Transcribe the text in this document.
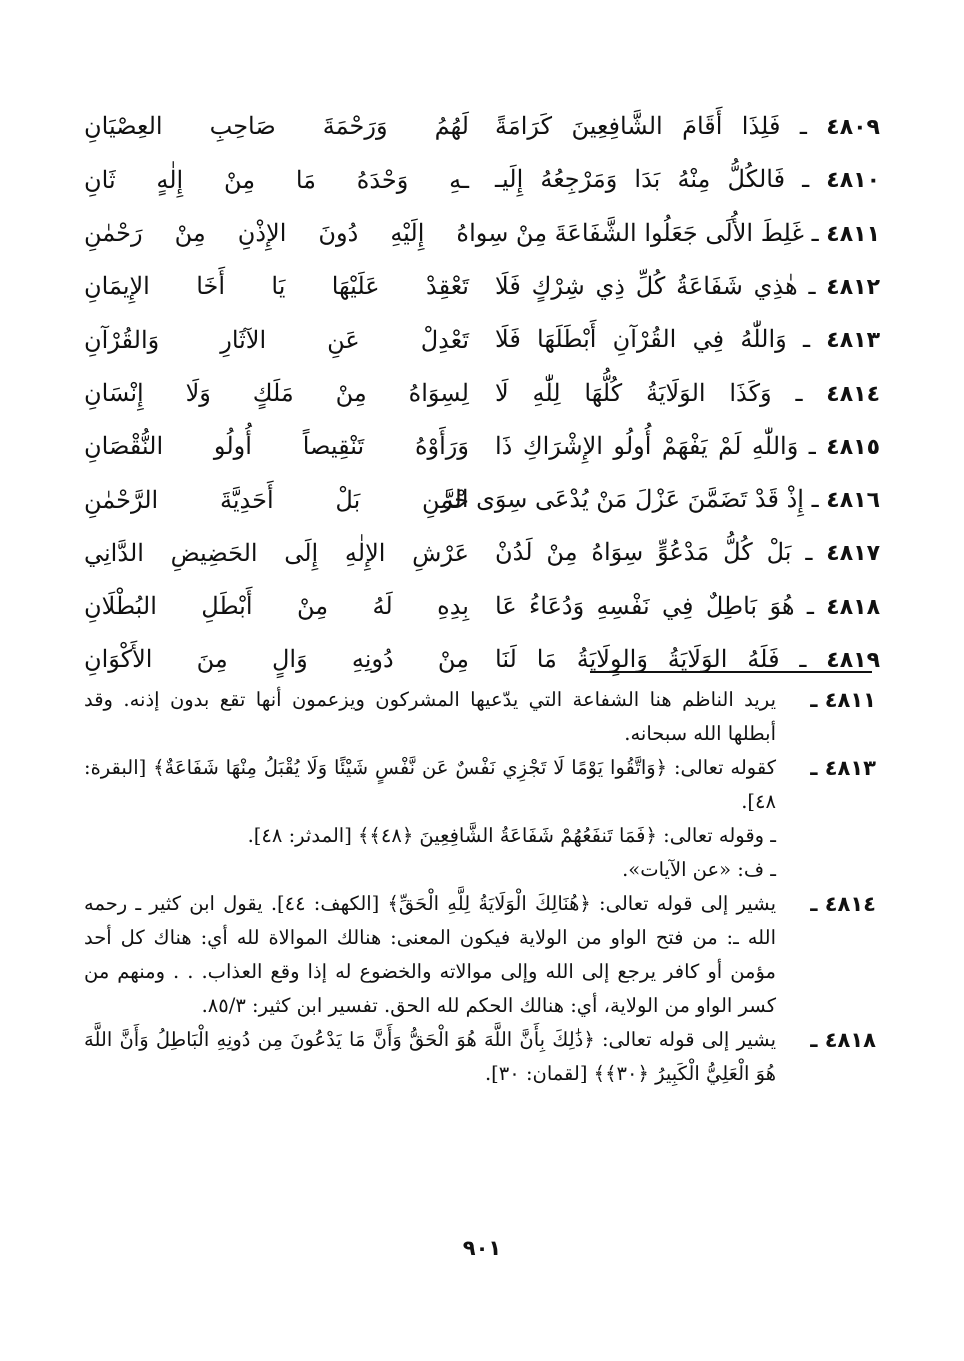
٤٨٠٩ ـ فَلِذَا أَقَامَ الشَّافِعِينَ كَرَامَةً
لَهُمُ وَرَحْمَةَ صَاحِبِ العِصْيَانِ
٤٨١٠ ـ فَالكُلُّ مِنْهُ بَدَا وَمَرْجِعُهُ إِلَيـ
ـهِ وَحْدَهُ مَا مِنْ إِلٰهٍ ثَانِ
٤٨١١ ـ غَلِطَ الأُلَى جَعَلُوا الشَّفَاعَةَ مِنْ سِوا
هُ إِلَيْهِ دُونَ الإِذْنِ مِنْ رَحْمٰنِ
٤٨١٢ ـ هٰذِي شَفَاعَةُ كُلِّ ذِي شِرْكٍ فَلَا
تَعْقِدْ عَلَيْهَا يَا أَخَا الإِيمَانِ
٤٨١٣ ـ وَاللّٰهُ فِي القُرْآنِ أَبْطَلَهَا فَلَا
تَعْدِلْ عَنِ الآثَارِ وَالقُرْآنِ
٤٨١٤ ـ وَكَذَا الوَلَايَةُ كُلُّهَا لِلّٰهِ لَا
لِسِوَاهُ مِنْ مَلَكٍ وَلَا إِنْسَانِ
٤٨١٥ ـ وَاللّٰهِ لَمْ يَفْهَمْ أُولُو الإِشْرَاكِ ذَا
وَرَأَوْهُ تَنْقِيصاً أُولُو النُّقْصَانِ
٤٨١٦ ـ إِذْ قَدْ تَضَمَّنَ عَزْلَ مَنْ يُدْعَى سِوَى الرَّ
حْمٰنِ بَلْ أَحَدِيَّةَ الرَّحْمٰنِ
٤٨١٧ ـ بَلْ كُلُّ مَدْعُوٍّ سِوَاهُ مِنْ لَدُنْ
عَرْشِ الإِلٰهِ إِلَى الحَضِيضِ الدَّانِي
٤٨١٨ ـ هُوَ بَاطِلٌ فِي نَفْسِهِ وَدُعَاءُ عَا
بِدِهِ لَهُ مِنْ أَبْطَلِ البُطْلَانِ
٤٨١٩ ـ فَلَهُ الوَلَايَةُ وَالوِلَايَةُ مَا لَنَا
مِنْ دُونِهِ وَالٍ مِنَ الأَكْوَانِ
٤٨١١ ـ
يريد الناظم هنا الشفاعة التي يدّعيها المشركون ويزعمون أنها تقع بدون إذنه. وقد أبطلها الله سبحانه.
٤٨١٣ ـ
كقوله تعالى: ﴿وَاتَّقُوا يَوْمًا لَا تَجْزِي نَفْسٌ عَن نَّفْسٍ شَيْئًا وَلَا يُقْبَلُ مِنْهَا شَفَاعَةٌ﴾ [البقرة: ٤٨].
ـ وقوله تعالى: ﴿فَمَا تَنفَعُهُمْ شَفَاعَةُ الشَّافِعِينَ ﴿٤٨﴾﴾ [المدثر: ٤٨].
ـ ف: «عن الآيات».
٤٨١٤ ـ
يشير إلى قوله تعالى: ﴿هُنَالِكَ الْوَلَايَةُ لِلَّهِ الْحَقِّ﴾ [الكهف: ٤٤]. يقول ابن كثير ـ رحمه الله ـ: من فتح الواو من الولاية فيكون المعنى: هنالك الموالاة لله أي: هناك كل أحد مؤمن أو كافر يرجع إلى الله وإلى موالاته والخضوع له إذا وقع العذاب. . . ومنهم من كسر الواو من الولاية، أي: هنالك الحكم لله الحق. تفسير ابن كثير: ٨٥/٣.
٤٨١٨ ـ
يشير إلى قوله تعالى: ﴿ذَٰلِكَ بِأَنَّ اللَّهَ هُوَ الْحَقُّ وَأَنَّ مَا يَدْعُونَ مِن دُونِهِ الْبَاطِلُ وَأَنَّ اللَّهَ هُوَ الْعَلِيُّ الْكَبِيرُ ﴿٣٠﴾﴾ [لقمان: ٣٠].
٩٠١
